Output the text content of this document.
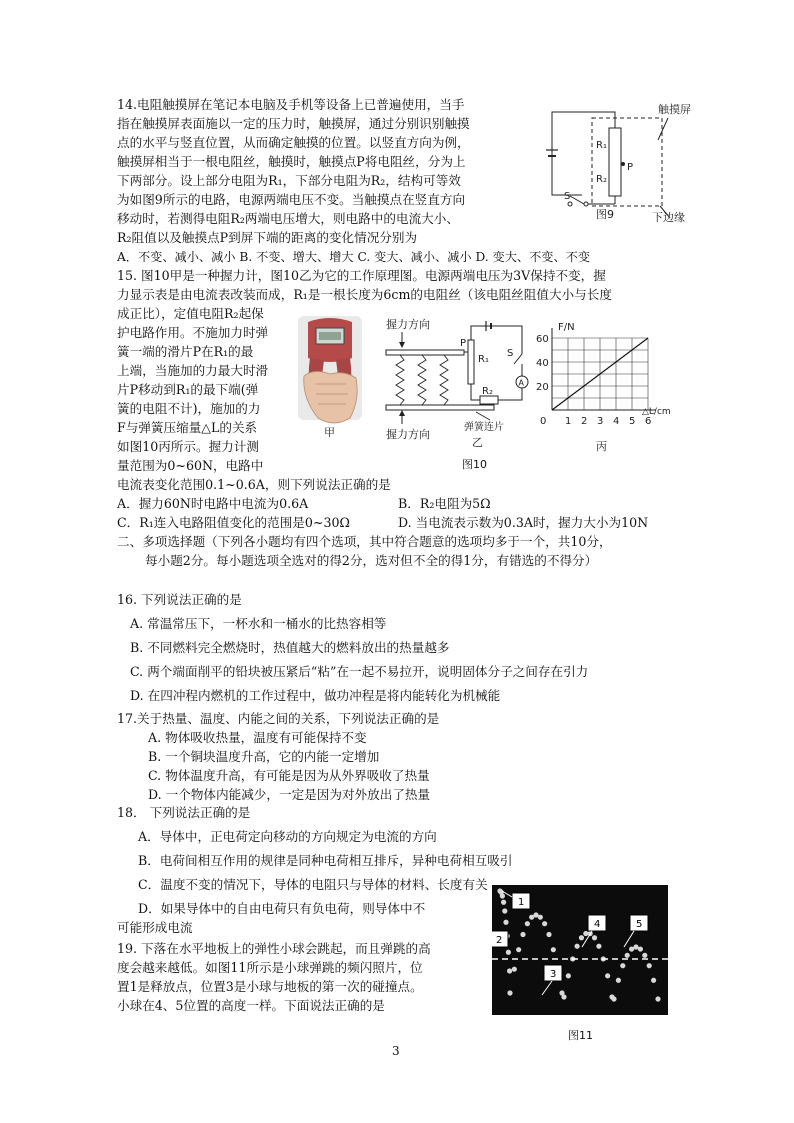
14.电阻触摸屏在笔记本电脑及手机等设备上已普遍使用，当手
指在触摸屏表面施以一定的压力时，触摸屏，通过分别识别触摸
点的水平与竖直位置，从而确定触摸的位置。以竖直方向为例，
触摸屏相当于一根电阻丝，触摸时，触摸点P将电阻丝，分为上
下两部分。设上部分电阻为R₁，下部分电阻为R₂，结构可等效
为如图9所示的电路，电源两端电压不变。当触摸点在竖直方向
移动时，若测得电阻R₂两端电压增大，则电路中的电流大小、
R₂阻值以及触摸点P到屏下端的距离的变化情况分别为
A．不变、减小、减小 B. 不变、增大、增大 C. 变大、减小、减小 D. 变大、不变、不变
触摸屏
R₁
R₂
P
S
图9	下边缘
15. 图10甲是一种握力计，图10乙为它的工作原理图。电源两端电压为3V保持不变，握
力显示表是由电流表改装而成，R₁是一根长度为6cm的电阻丝（该电阻丝阻值大小与长度
成正比），定值电阻R₂起保
护电路作用。不施加力时弹
簧一端的滑片P在R₁的最
上端，当施加的力最大时滑
片P移动到R₁的最下端(弹
簧的电阻不计)，施加的力
F与弹簧压缩量△L的关系
如图10丙所示。握力计测
量范围为0~60N，电路中
电流表变化范围0.1~0.6A，则下列说法正确的是
A．握力60N时电路中电流为0.6A	B．R₂电阻为5Ω
C．R₁连入电路阻值变化的范围是0~30Ω	D. 当电流表示数为0.3A时，握力大小为10N
甲
握力方向
握力方向
P
R₁
S
A
R₂
弹簧连片
乙
0 1 2 3 4 5 6
20
40
60
F/N
△L/cm
丙
图10
二、多项选择题（下列各小题均有四个选项，其中符合题意的选项均多于一个，共10分，
每小题2分。每小题选项全选对的得2分，选对但不全的得1分，有错选的不得分）
16. 下列说法正确的是
A. 常温常压下，一杯水和一桶水的比热容相等
B. 不同燃料完全燃烧时，热值越大的燃料放出的热量越多
C. 两个端面削平的铅块被压紧后“粘”在一起不易拉开，说明固体分子之间存在引力
D. 在四冲程内燃机的工作过程中，做功冲程是将内能转化为机械能
17.关于热量、温度、内能之间的关系，下列说法正确的是
A. 物体吸收热量，温度有可能保持不变
B. 一个铜块温度升高，它的内能一定增加
C. 物体温度升高，有可能是因为从外界吸收了热量
D. 一个物体内能减少，一定是因为对外放出了热量
18． 下列说法正确的是
A．导体中，正电荷定向移动的方向规定为电流的方向
B．电荷间相互作用的规律是同种电荷相互排斥，异种电荷相互吸引
C．温度不变的情况下，导体的电阻只与导体的材料、长度有关
D．如果导体中的自由电荷只有负电荷，则导体中不
可能形成电流
19. 下落在水平地板上的弹性小球会跳起，而且弹跳的高
度会越来越低。如图11所示是小球弹跳的频闪照片，位
置1是释放点，位置3是小球与地板的第一次的碰撞点。
小球在4、5位置的高度一样。下面说法正确的是
1
2
3
4	5
图11
3
